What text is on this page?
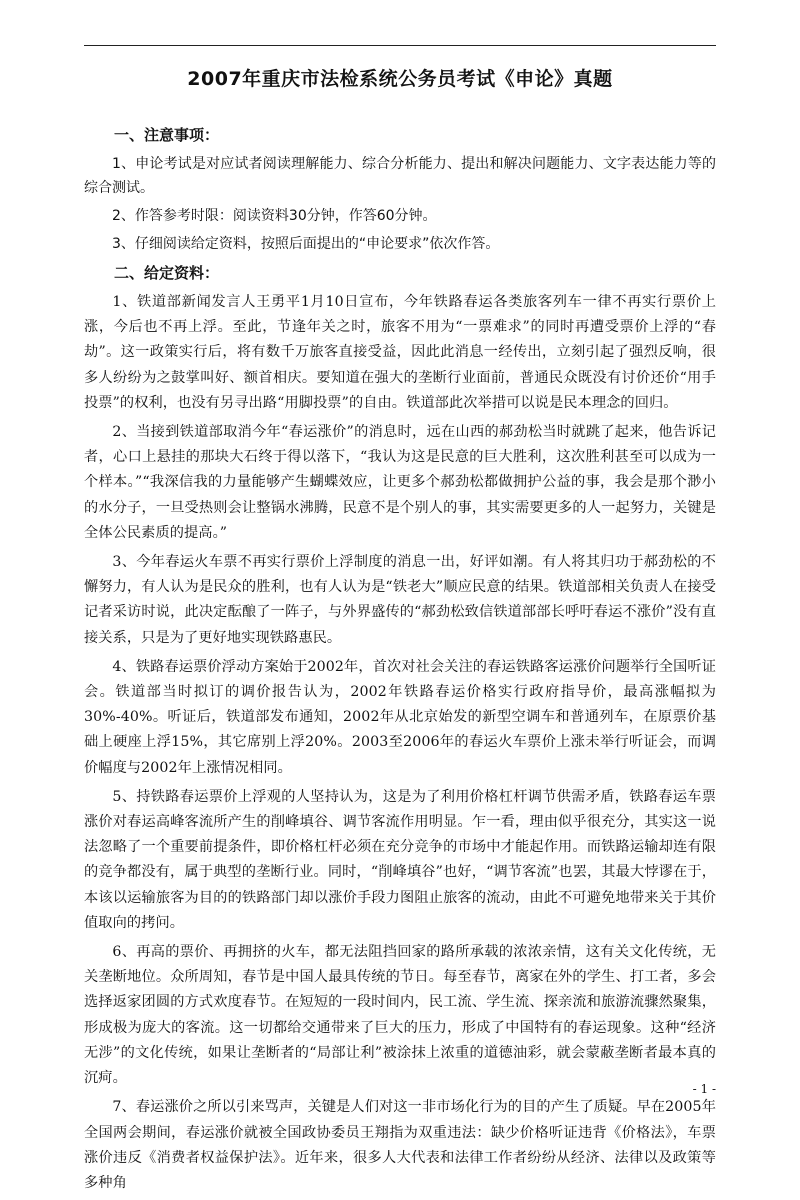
2007年重庆市法检系统公务员考试《申论》真题

一、注意事项：

1、申论考试是对应试者阅读理解能力、综合分析能力、提出和解决问题能力、文字表达能力等的综合测试。

2、作答参考时限：阅读资料30分钟，作答60分钟。

3、仔细阅读给定资料，按照后面提出的“申论要求”依次作答。

二、给定资料：

1、铁道部新闻发言人王勇平1月10日宣布，今年铁路春运各类旅客列车一律不再实行票价上涨，今后也不再上浮。至此，节逢年关之时，旅客不用为“一票难求”的同时再遭受票价上浮的“春劫”。这一政策实行后，将有数千万旅客直接受益，因此此消息一经传出，立刻引起了强烈反响，很多人纷纷为之鼓掌叫好、额首相庆。要知道在强大的垄断行业面前，普通民众既没有讨价还价“用手投票”的权利，也没有另寻出路“用脚投票”的自由。铁道部此次举措可以说是民本理念的回归。

2、当接到铁道部取消今年“春运涨价”的消息时，远在山西的郝劲松当时就跳了起来，他告诉记者，心口上悬挂的那块大石终于得以落下，“我认为这是民意的巨大胜利，这次胜利甚至可以成为一个样本。”“我深信我的力量能够产生蝴蝶效应，让更多个郝劲松都做拥护公益的事，我会是那个渺小的水分子，一旦受热则会让整锅水沸腾，民意不是个别人的事，其实需要更多的人一起努力，关键是全体公民素质的提高。”

3、今年春运火车票不再实行票价上浮制度的消息一出，好评如潮。有人将其归功于郝劲松的不懈努力，有人认为是民众的胜利，也有人认为是“铁老大”顺应民意的结果。铁道部相关负责人在接受记者采访时说，此决定酝酿了一阵子，与外界盛传的“郝劲松致信铁道部部长呼吁春运不涨价”没有直接关系，只是为了更好地实现铁路惠民。

4、铁路春运票价浮动方案始于2002年，首次对社会关注的春运铁路客运涨价问题举行全国听证会。铁道部当时拟订的调价报告认为，2002年铁路春运价格实行政府指导价，最高涨幅拟为30%-40%。听证后，铁道部发布通知，2002年从北京始发的新型空调车和普通列车，在原票价基础上硬座上浮15%，其它席别上浮20%。2003至2006年的春运火车票价上涨未举行听证会，而调价幅度与2002年上涨情况相同。

5、持铁路春运票价上浮观的人坚持认为，这是为了利用价格杠杆调节供需矛盾，铁路春运车票涨价对春运高峰客流所产生的削峰填谷、调节客流作用明显。乍一看，理由似乎很充分，其实这一说法忽略了一个重要前提条件，即价格杠杆必须在充分竞争的市场中才能起作用。而铁路运输却连有限的竞争都没有，属于典型的垄断行业。同时，“削峰填谷”也好，“调节客流”也罢，其最大悖谬在于，本该以运输旅客为目的的铁路部门却以涨价手段力图阻止旅客的流动，由此不可避免地带来关于其价值取向的拷问。

6、再高的票价、再拥挤的火车，都无法阻挡回家的路所承载的浓浓亲情，这有关文化传统，无关垄断地位。众所周知，春节是中国人最具传统的节日。每至春节，离家在外的学生、打工者，多会选择返家团圆的方式欢度春节。在短短的一段时间内，民工流、学生流、探亲流和旅游流骤然聚集，形成极为庞大的客流。这一切都给交通带来了巨大的压力，形成了中国特有的春运现象。这种“经济无涉”的文化传统，如果让垄断者的“局部让利”被涂抹上浓重的道德油彩，就会蒙蔽垄断者最本真的沉疴。

7、春运涨价之所以引来骂声，关键是人们对这一非市场化行为的目的产生了质疑。早在2005年全国两会期间，春运涨价就被全国政协委员王翔指为双重违法：缺少价格听证违背《价格法》，车票涨价违反《消费者权益保护法》。近年来，很多人大代表和法律工作者纷纷从经济、法律以及政策等多种角

- 1 -
